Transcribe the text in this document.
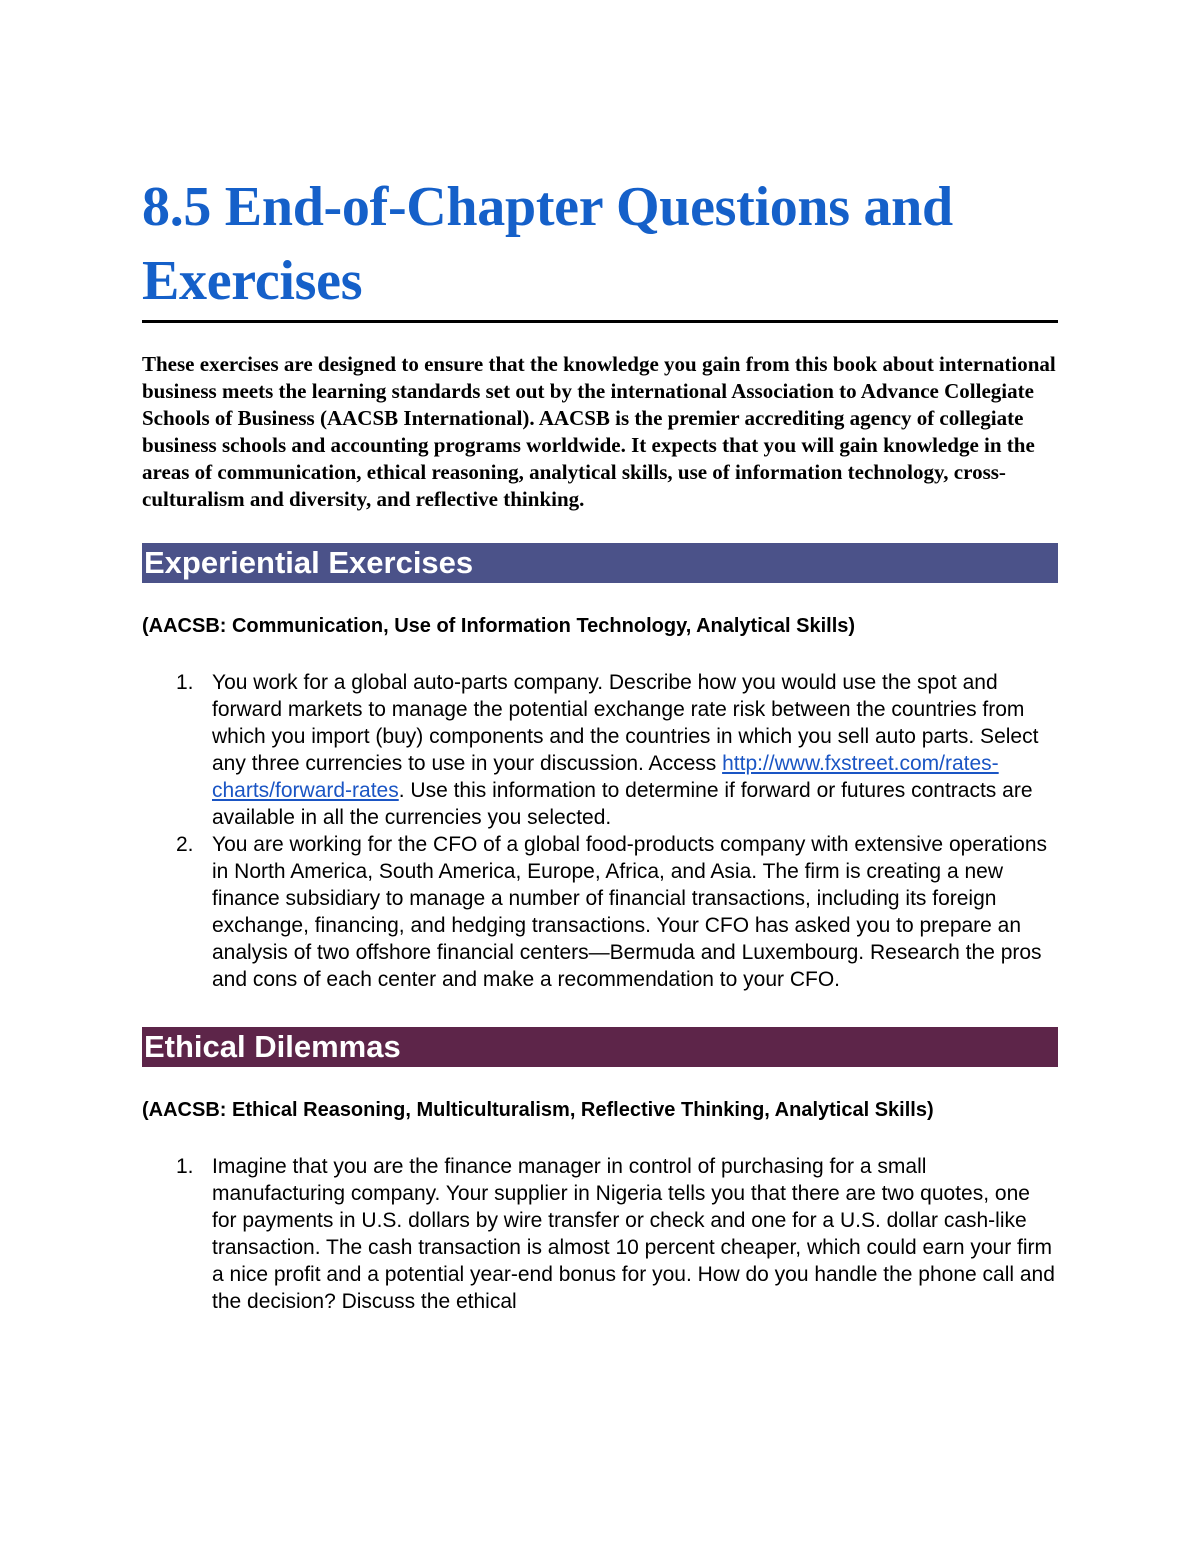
8.5 End-of-Chapter Questions and Exercises

These exercises are designed to ensure that the knowledge you gain from this book about international business meets the learning standards set out by the international Association to Advance Collegiate Schools of Business (AACSB International). AACSB is the premier accrediting agency of collegiate business schools and accounting programs worldwide. It expects that you will gain knowledge in the areas of communication, ethical reasoning, analytical skills, use of information technology, cross-culturalism and diversity, and reflective thinking.

Experiential Exercises

(AACSB: Communication, Use of Information Technology, Analytical Skills)

1. You work for a global auto-parts company. Describe how you would use the spot and forward markets to manage the potential exchange rate risk between the countries from which you import (buy) components and the countries in which you sell auto parts. Select any three currencies to use in your discussion. Access http://www.fxstreet.com/rates-charts/forward-rates. Use this information to determine if forward or futures contracts are available in all the currencies you selected.
2. You are working for the CFO of a global food-products company with extensive operations in North America, South America, Europe, Africa, and Asia. The firm is creating a new finance subsidiary to manage a number of financial transactions, including its foreign exchange, financing, and hedging transactions. Your CFO has asked you to prepare an analysis of two offshore financial centers—Bermuda and Luxembourg. Research the pros and cons of each center and make a recommendation to your CFO.
Ethical Dilemmas

(AACSB: Ethical Reasoning, Multiculturalism, Reflective Thinking, Analytical Skills)

1. Imagine that you are the finance manager in control of purchasing for a small manufacturing company. Your supplier in Nigeria tells you that there are two quotes, one for payments in U.S. dollars by wire transfer or check and one for a U.S. dollar cash-like transaction. The cash transaction is almost 10 percent cheaper, which could earn your firm a nice profit and a potential year-end bonus for you. How do you handle the phone call and the decision? Discuss the ethical
